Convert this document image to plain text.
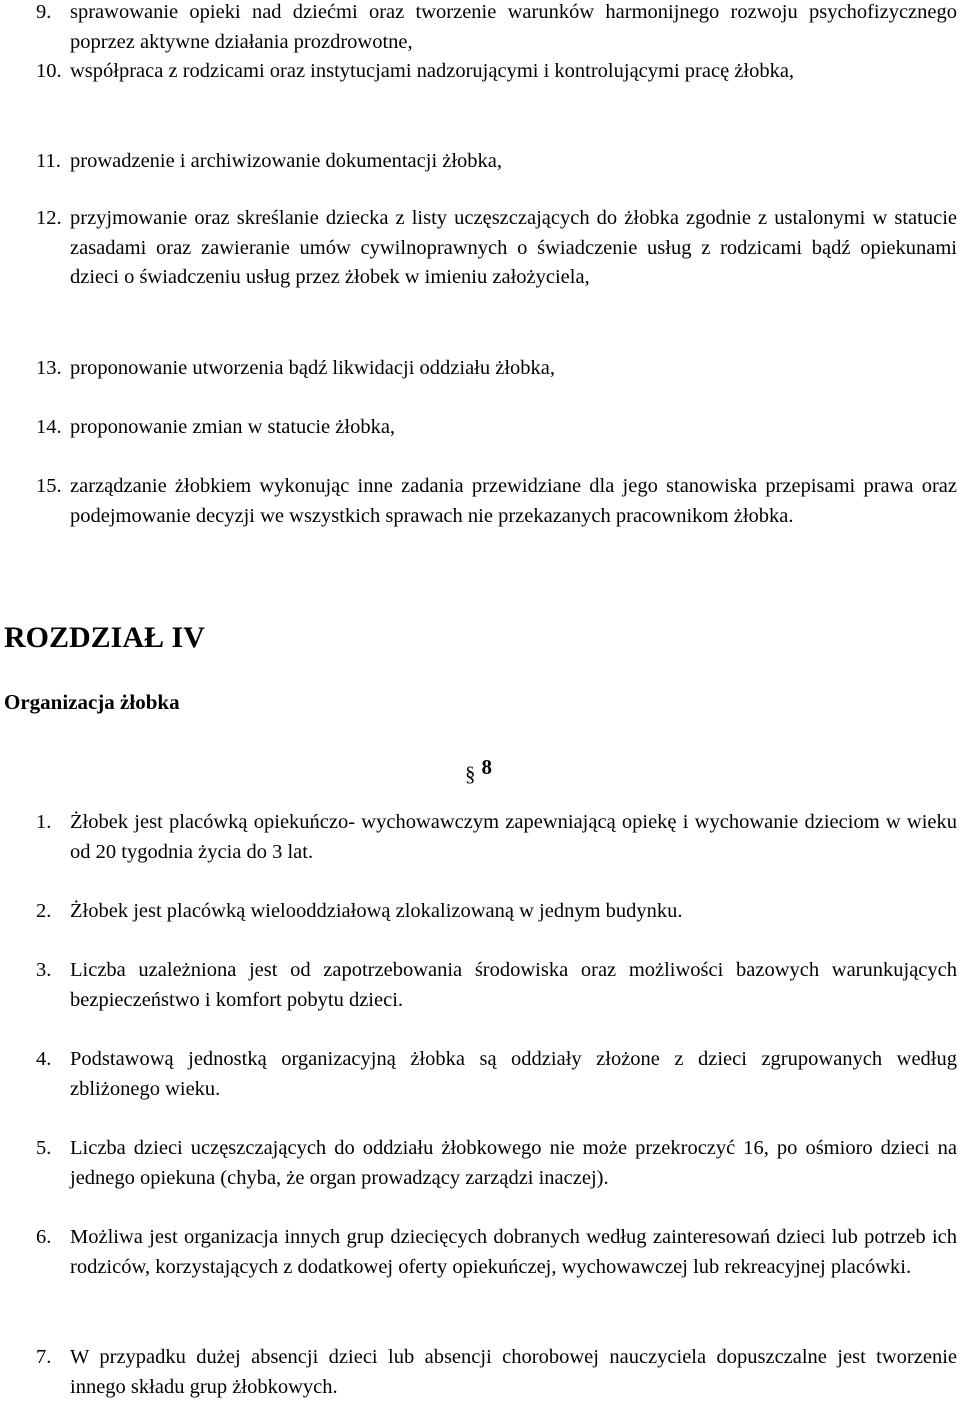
9. sprawowanie opieki nad dziećmi oraz tworzenie warunków harmonijnego rozwoju psychofizycznego poprzez aktywne działania prozdrowotne,
10. współpraca z rodzicami oraz instytucjami nadzorującymi i kontrolującymi pracę żłobka,
11. prowadzenie i archiwizowanie dokumentacji żłobka,
12. przyjmowanie oraz skreślanie dziecka z listy uczęszczających do żłobka zgodnie z ustalonymi w statucie zasadami oraz zawieranie umów cywilnoprawnych o świadczenie usług z rodzicami bądź opiekunami dzieci o świadczeniu usług przez żłobek w imieniu założyciela,
13. proponowanie utworzenia bądź likwidacji oddziału żłobka,
14. proponowanie zmian w statucie żłobka,
15. zarządzanie żłobkiem wykonując inne zadania przewidziane dla jego stanowiska przepisami prawa oraz podejmowanie decyzji we wszystkich sprawach nie przekazanych pracownikom żłobka.
ROZDZIAŁ IV
Organizacja żłobka
§ 8
1. Żłobek jest placówką opiekuńczo- wychowawczym zapewniającą opiekę i wychowanie dzieciom w wieku od 20 tygodnia życia do 3 lat.
2. Żłobek jest placówką wielooddziałową zlokalizowaną w jednym budynku.
3. Liczba uzależniona jest od zapotrzebowania środowiska oraz możliwości bazowych warunkujących bezpieczeństwo i komfort pobytu dzieci.
4. Podstawową jednostką organizacyjną żłobka są oddziały złożone z dzieci zgrupowanych według zbliżonego wieku.
5. Liczba dzieci uczęszczających do oddziału żłobkowego nie może przekroczyć 16, po ośmioro dzieci na jednego opiekuna (chyba, że organ prowadzący zarządzi inaczej).
6. Możliwa jest organizacja innych grup dziecięcych dobranych według zainteresowań dzieci lub potrzeb ich rodziców, korzystających z dodatkowej oferty opiekuńczej, wychowawczej lub rekreacyjnej placówki.
7. W przypadku dużej absencji dzieci lub absencji chorobowej nauczyciela dopuszczalne jest tworzenie innego składu grup żłobkowych.
